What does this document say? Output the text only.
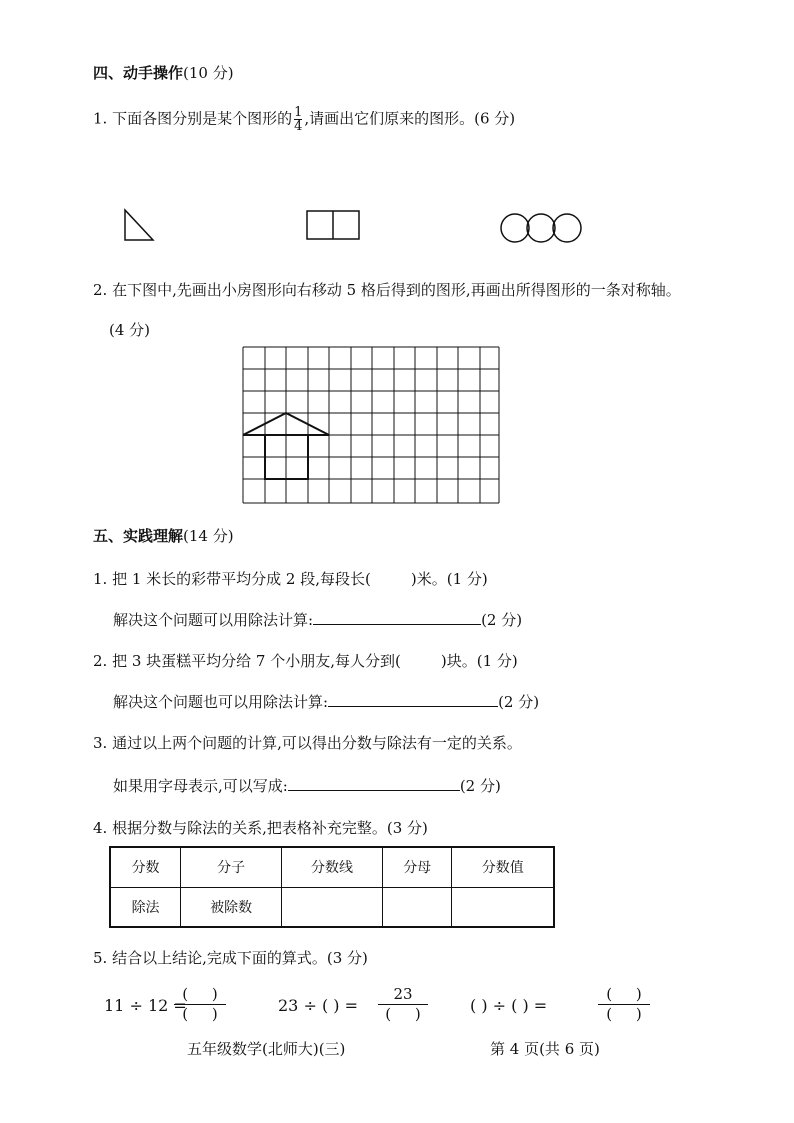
四、动手操作(10 分)
1. 下面各图分别是某个图形的 $\frac{1}{4}$ ,请画出它们原来的图形。(6 分)
2. 在下图中,先画出小房图形向右移动 5 格后得到的图形,再画出所得图形的一条对称轴。
(4 分)
五、实践理解(14 分)
1. 把 1 米长的彩带平均分成 2 段,每段长(	)米。(1 分)
解决这个问题可以用除法计算:	(2 分)
2. 把 3 块蛋糕平均分给 7 个小朋友,每人分到(	)块。(1 分)
解决这个问题也可以用除法计算:	(2 分)
3. 通过以上两个问题的计算,可以得出分数与除法有一定的关系。
如果用字母表示,可以写成:	(2 分)
4. 根据分数与除法的关系,把表格补充完整。(3 分)
分数	分子	分数线	分母	分数值
除法	被除数			
5. 结合以上结论,完成下面的算式。(3 分)
11 ÷ 12 =
(     )
(     )	23 ÷ ( ) =
23
(     )	( ) ÷ ( ) =
(     )
(     )
五年级数学(北师大)(三)	第 4 页(共 6 页)
